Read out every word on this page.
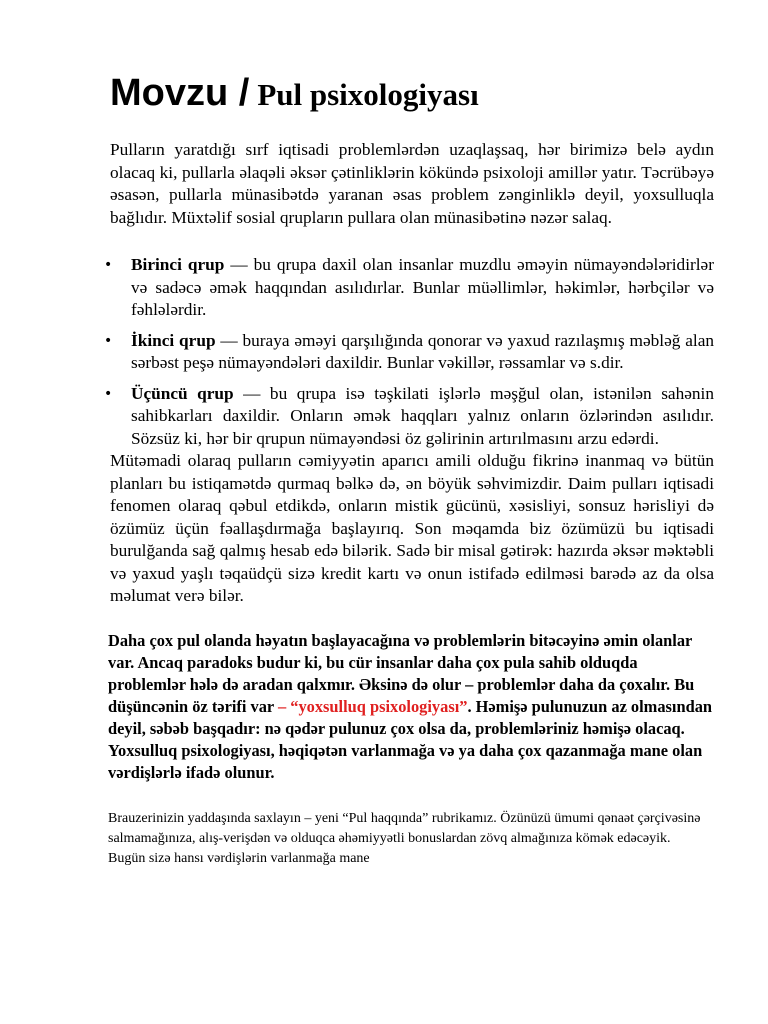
Movzu / Pul psixologiyası

Pulların yaratdığı sırf iqtisadi problemlərdən uzaqlaşsaq, hər birimizə belə aydın olacaq ki, pullarla əlaqəli əksər çətinliklərin kökündə psixoloji amillər yatır. Təcrübəyə əsasən, pullarla münasibətdə yaranan əsas problem zənginliklə deyil, yoxsulluqla bağlıdır. Müxtəlif sosial qrupların pullara olan münasibətinə nəzər salaq.

• Birinci qrup — bu qrupa daxil olan insanlar muzdlu əməyin nümayəndələridirlər və sadəcə əmək haqqından asılıdırlar. Bunlar müəllimlər, həkimlər, hərbçilər və fəhlələrdir.
• İkinci qrup — buraya əməyi qarşılığında qonorar və yaxud razılaşmış məbləğ alan sərbəst peşə nümayəndələri daxildir. Bunlar vəkillər, rəssamlar və s.dir.
• Üçüncü qrup — bu qrupa isə təşkilati işlərlə məşğul olan, istənilən sahənin sahibkarları daxildir. Onların əmək haqqları yalnız onların özlərindən asılıdır. Sözsüz ki, hər bir qrupun nümayəndəsi öz gəlirinin artırılmasını arzu edərdi.

Mütəmadi olaraq pulların cəmiyyətin aparıcı amili olduğu fikrinə inanmaq və bütün planları bu istiqamətdə qurmaq bəlkə də, ən böyük səhvimizdir. Daim pulları iqtisadi fenomen olaraq qəbul etdikdə, onların mistik gücünü, xəsisliyi, sonsuz hərisliyi də özümüz üçün fəallaşdırmağa başlayırıq. Son məqamda biz özümüzü bu iqtisadi burulğanda sağ qalmış hesab edə bilərik. Sadə bir misal gətirək: hazırda əksər məktəbli və yaxud yaşlı təqaüdçü sizə kredit kartı və onun istifadə edilməsi barədə az da olsa məlumat verə bilər.

Daha çox pul olanda həyatın başlayacağına və problemlərin bitəcəyinə əmin olanlar var. Ancaq paradoks budur ki, bu cür insanlar daha çox pula sahib olduqda problemlər hələ də aradan qalxmır. Əksinə də olur – problemlər daha da çoxalır. Bu düşüncənin öz tərifi var – “yoxsulluq psixologiyası”. Həmişə pulunuzun az olmasından deyil, səbəb başqadır: nə qədər pulunuz çox olsa da, problemləriniz həmişə olacaq. Yoxsulluq psixologiyası, həqiqətən varlanmağa və ya daha çox qazanmağa mane olan vərdişlərlə ifadə olunur.

Brauzerinizin yaddaşında saxlayın – yeni “Pul haqqında” rubrikamız. Özünüzü ümumi qənaət çərçivəsinə salmamağınıza, alış-verişdən və olduqca əhəmiyyətli bonuslardan zövq almağınıza kömək edəcəyik. Bugün sizə hansı vərdişlərin varlanmağa mane
